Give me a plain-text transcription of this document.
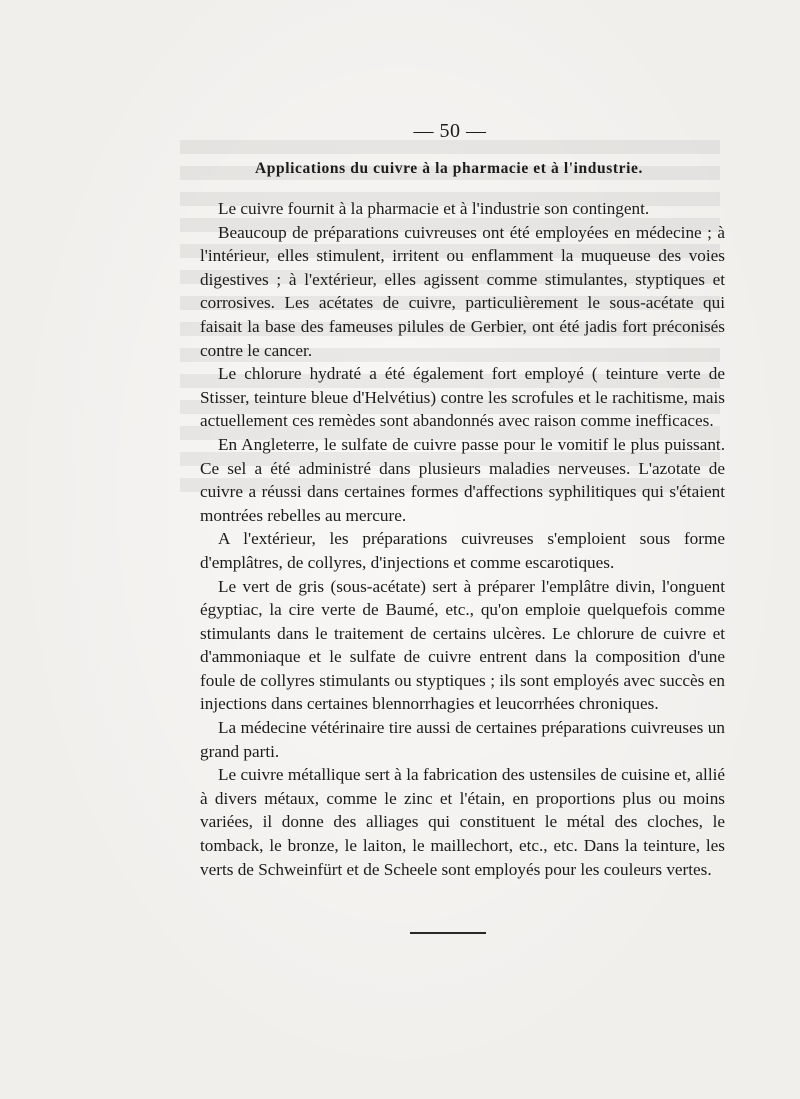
— 50 —
Applications du cuivre à la pharmacie et à l'industrie.

Le cuivre fournit à la pharmacie et à l'industrie son contingent.

Beaucoup de préparations cuivreuses ont été employées en médecine ; à l'intérieur, elles stimulent, irritent ou enflamment la muqueuse des voies digestives ; à l'extérieur, elles agissent comme stimulantes, styptiques et corrosives. Les acétates de cuivre, particulièrement le sous-acétate qui faisait la base des fameuses pilules de Gerbier, ont été jadis fort préconisés contre le cancer.

Le chlorure hydraté a été également fort employé ( teinture verte de Stisser, teinture bleue d'Helvétius) contre les scrofules et le rachitisme, mais actuellement ces remèdes sont abandonnés avec raison comme inefficaces.

En Angleterre, le sulfate de cuivre passe pour le vomitif le plus puissant. Ce sel a été administré dans plusieurs maladies nerveuses. L'azotate de cuivre a réussi dans certaines formes d'affections syphilitiques qui s'étaient montrées rebelles au mercure.

A l'extérieur, les préparations cuivreuses s'emploient sous forme d'emplâtres, de collyres, d'injections et comme escarotiques.

Le vert de gris (sous-acétate) sert à préparer l'emplâtre divin, l'onguent égyptiac, la cire verte de Baumé, etc., qu'on emploie quelquefois comme stimulants dans le traitement de certains ulcères. Le chlorure de cuivre et d'ammoniaque et le sulfate de cuivre entrent dans la composition d'une foule de collyres stimulants ou styptiques ; ils sont employés avec succès en injections dans certaines blennorrhagies et leucorrhées chroniques.

La médecine vétérinaire tire aussi de certaines préparations cuivreuses un grand parti.

Le cuivre métallique sert à la fabrication des ustensiles de cuisine et, allié à divers métaux, comme le zinc et l'étain, en proportions plus ou moins variées, il donne des alliages qui constituent le métal des cloches, le tomback, le bronze, le laiton, le maillechort, etc., etc. Dans la teinture, les verts de Schweinfürt et de Scheele sont employés pour les couleurs vertes.
